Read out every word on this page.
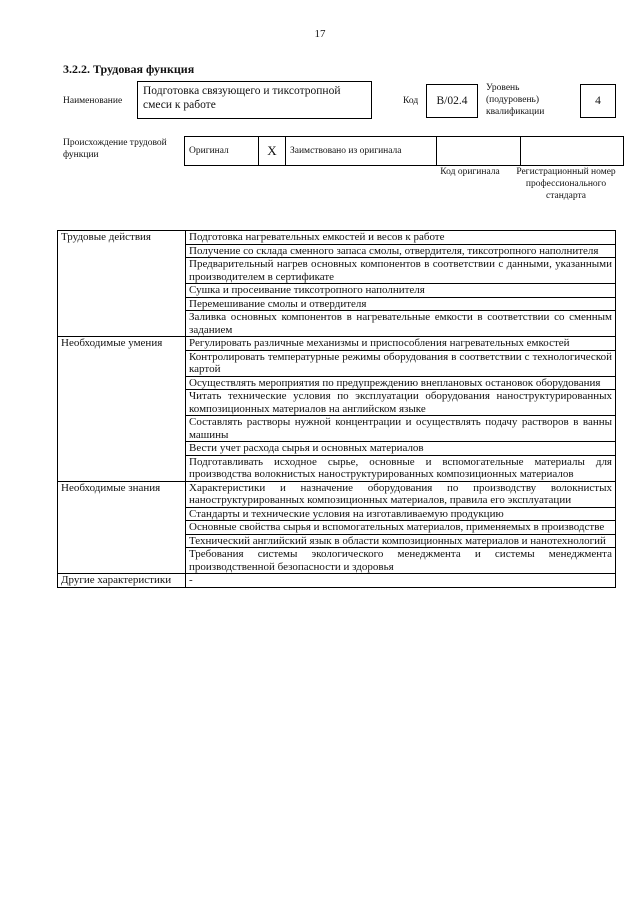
17
3.2.2. Трудовая функция
Наименование
Подготовка связующего и тиксотропной смеси к работе	Код	B/02.4
Уровень (подуровень) квалификации
4
Происхождение трудовой функции	Оригинал	X	Заимствовано из оригинала		
Код оригинала	Регистрационный номер профессионального стандарта
Трудовые действия	Подготовка нагревательных емкостей и весов к работе
	Получение со склада сменного запаса смолы, отвердителя, тиксотропного наполнителя
	Предварительный нагрев основных компонентов в соответствии с данными, указанными производителем в сертификате
	Сушка и просеивание тиксотропного наполнителя
	Перемешивание смолы и отвердителя
	Заливка основных компонентов в нагревательные емкости в соответствии со сменным заданием
Необходимые умения	Регулировать различные механизмы и приспособления нагревательных емкостей
	Контролировать температурные режимы оборудования в соответствии с технологической картой
	Осуществлять мероприятия по предупреждению внеплановых остановок оборудования
	Читать технические условия по эксплуатации оборудования наноструктурированных композиционных материалов на английском языке
	Составлять растворы нужной концентрации и осуществлять подачу растворов в ванны машины
	Вести учет расхода сырья и основных материалов
	Подготавливать исходное сырье, основные и вспомогательные материалы для производства волокнистых наноструктурированных композиционных материалов
Необходимые знания	Характеристики и назначение оборудования по производству волокнистых наноструктурированных композиционных материалов, правила его эксплуатации
	Стандарты и технические условия на изготавливаемую продукцию
	Основные свойства сырья и вспомогательных материалов, применяемых в производстве
	Технический английский язык в области композиционных материалов и нанотехнологий
	Требования системы экологического менеджмента и системы менеджмента производственной безопасности и здоровья
Другие характеристики	-
